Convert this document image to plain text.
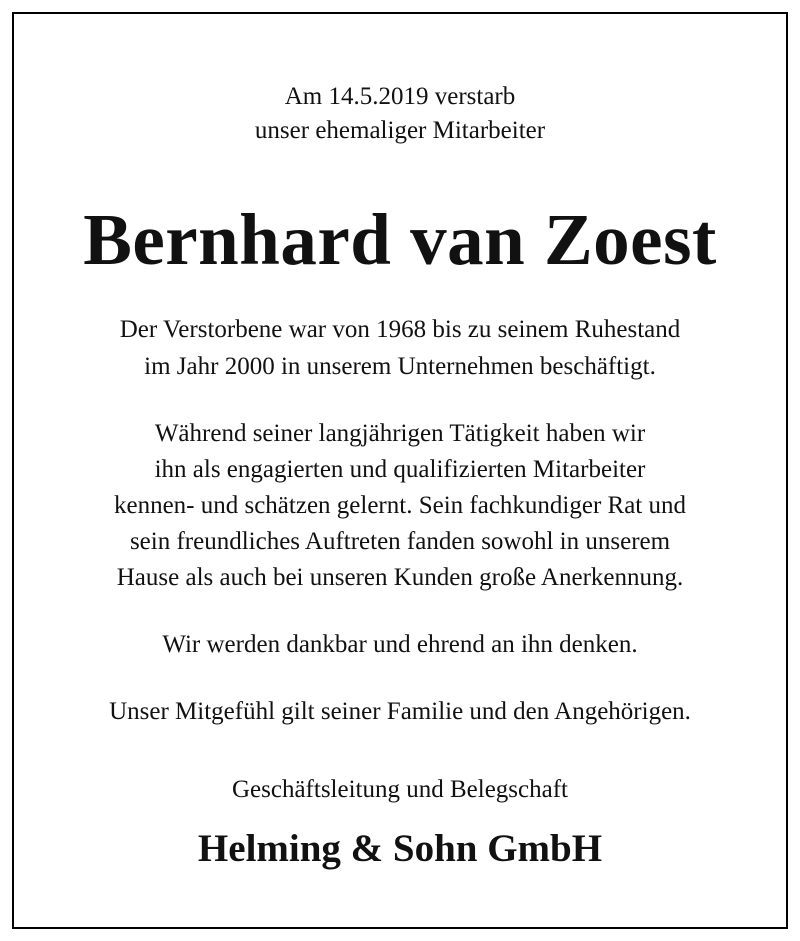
Am 14.5.2019 verstarb
unser ehemaliger Mitarbeiter
Bernhard van Zoest
Der Verstorbene war von 1968 bis zu seinem Ruhestand
im Jahr 2000 in unserem Unternehmen beschäftigt.
Während seiner langjährigen Tätigkeit haben wir
ihn als engagierten und qualifizierten Mitarbeiter
kennen- und schätzen gelernt. Sein fachkundiger Rat und
sein freundliches Auftreten fanden sowohl in unserem
Hause als auch bei unseren Kunden große Anerkennung.
Wir werden dankbar und ehrend an ihn denken.
Unser Mitgefühl gilt seiner Familie und den Angehörigen.
Geschäftsleitung und Belegschaft
Helming & Sohn GmbH
